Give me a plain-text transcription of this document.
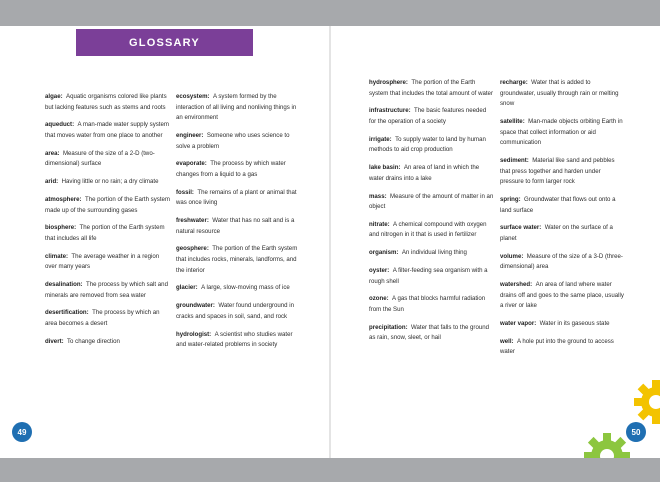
GLOSSARY

algae: Aquatic organisms colored like plants but lacking features such as stems and roots

aqueduct: A man-made water supply system that moves water from one place to another

area: Measure of the size of a 2-D (two-dimensional) surface

arid: Having little or no rain; a dry climate

atmosphere: The portion of the Earth system made up of the surrounding gases

biosphere: The portion of the Earth system that includes all life

climate: The average weather in a region over many years

desalination: The process by which salt and minerals are removed from sea water

desertification: The process by which an area becomes a desert

divert: To change direction

ecosystem: A system formed by the interaction of all living and nonliving things in an environment

engineer: Someone who uses science to solve a problem

evaporate: The process by which water changes from a liquid to a gas

fossil: The remains of a plant or animal that was once living

freshwater: Water that has no salt and is a natural resource

geosphere: The portion of the Earth system that includes rocks, minerals, landforms, and the interior

glacier: A large, slow-moving mass of ice

groundwater: Water found underground in cracks and spaces in soil, sand, and rock

hydrologist: A scientist who studies water and water-related problems in society

hydrosphere: The portion of the Earth system that includes the total amount of water

infrastructure: The basic features needed for the operation of a society

irrigate: To supply water to land by human methods to aid crop production

lake basin: An area of land in which the water drains into a lake

mass: Measure of the amount of matter in an object

nitrate: A chemical compound with oxygen and nitrogen in it that is used in fertilizer

organism: An individual living thing

oyster: A filter-feeding sea organism with a rough shell

ozone: A gas that blocks harmful radiation from the Sun

precipitation: Water that falls to the ground as rain, snow, sleet, or hail

recharge: Water that is added to groundwater, usually through rain or melting snow

satellite: Man-made objects orbiting Earth in space that collect information or aid communication

sediment: Material like sand and pebbles that press together and harden under pressure to form larger rock

spring: Groundwater that flows out onto a land surface

surface water: Water on the surface of a planet

volume: Measure of the size of a 3-D (three-dimensional) area

watershed: An area of land where water drains off and goes to the same place, usually a river or lake

water vapor: Water in its gaseous state

well: A hole put into the ground to access water

49	50
